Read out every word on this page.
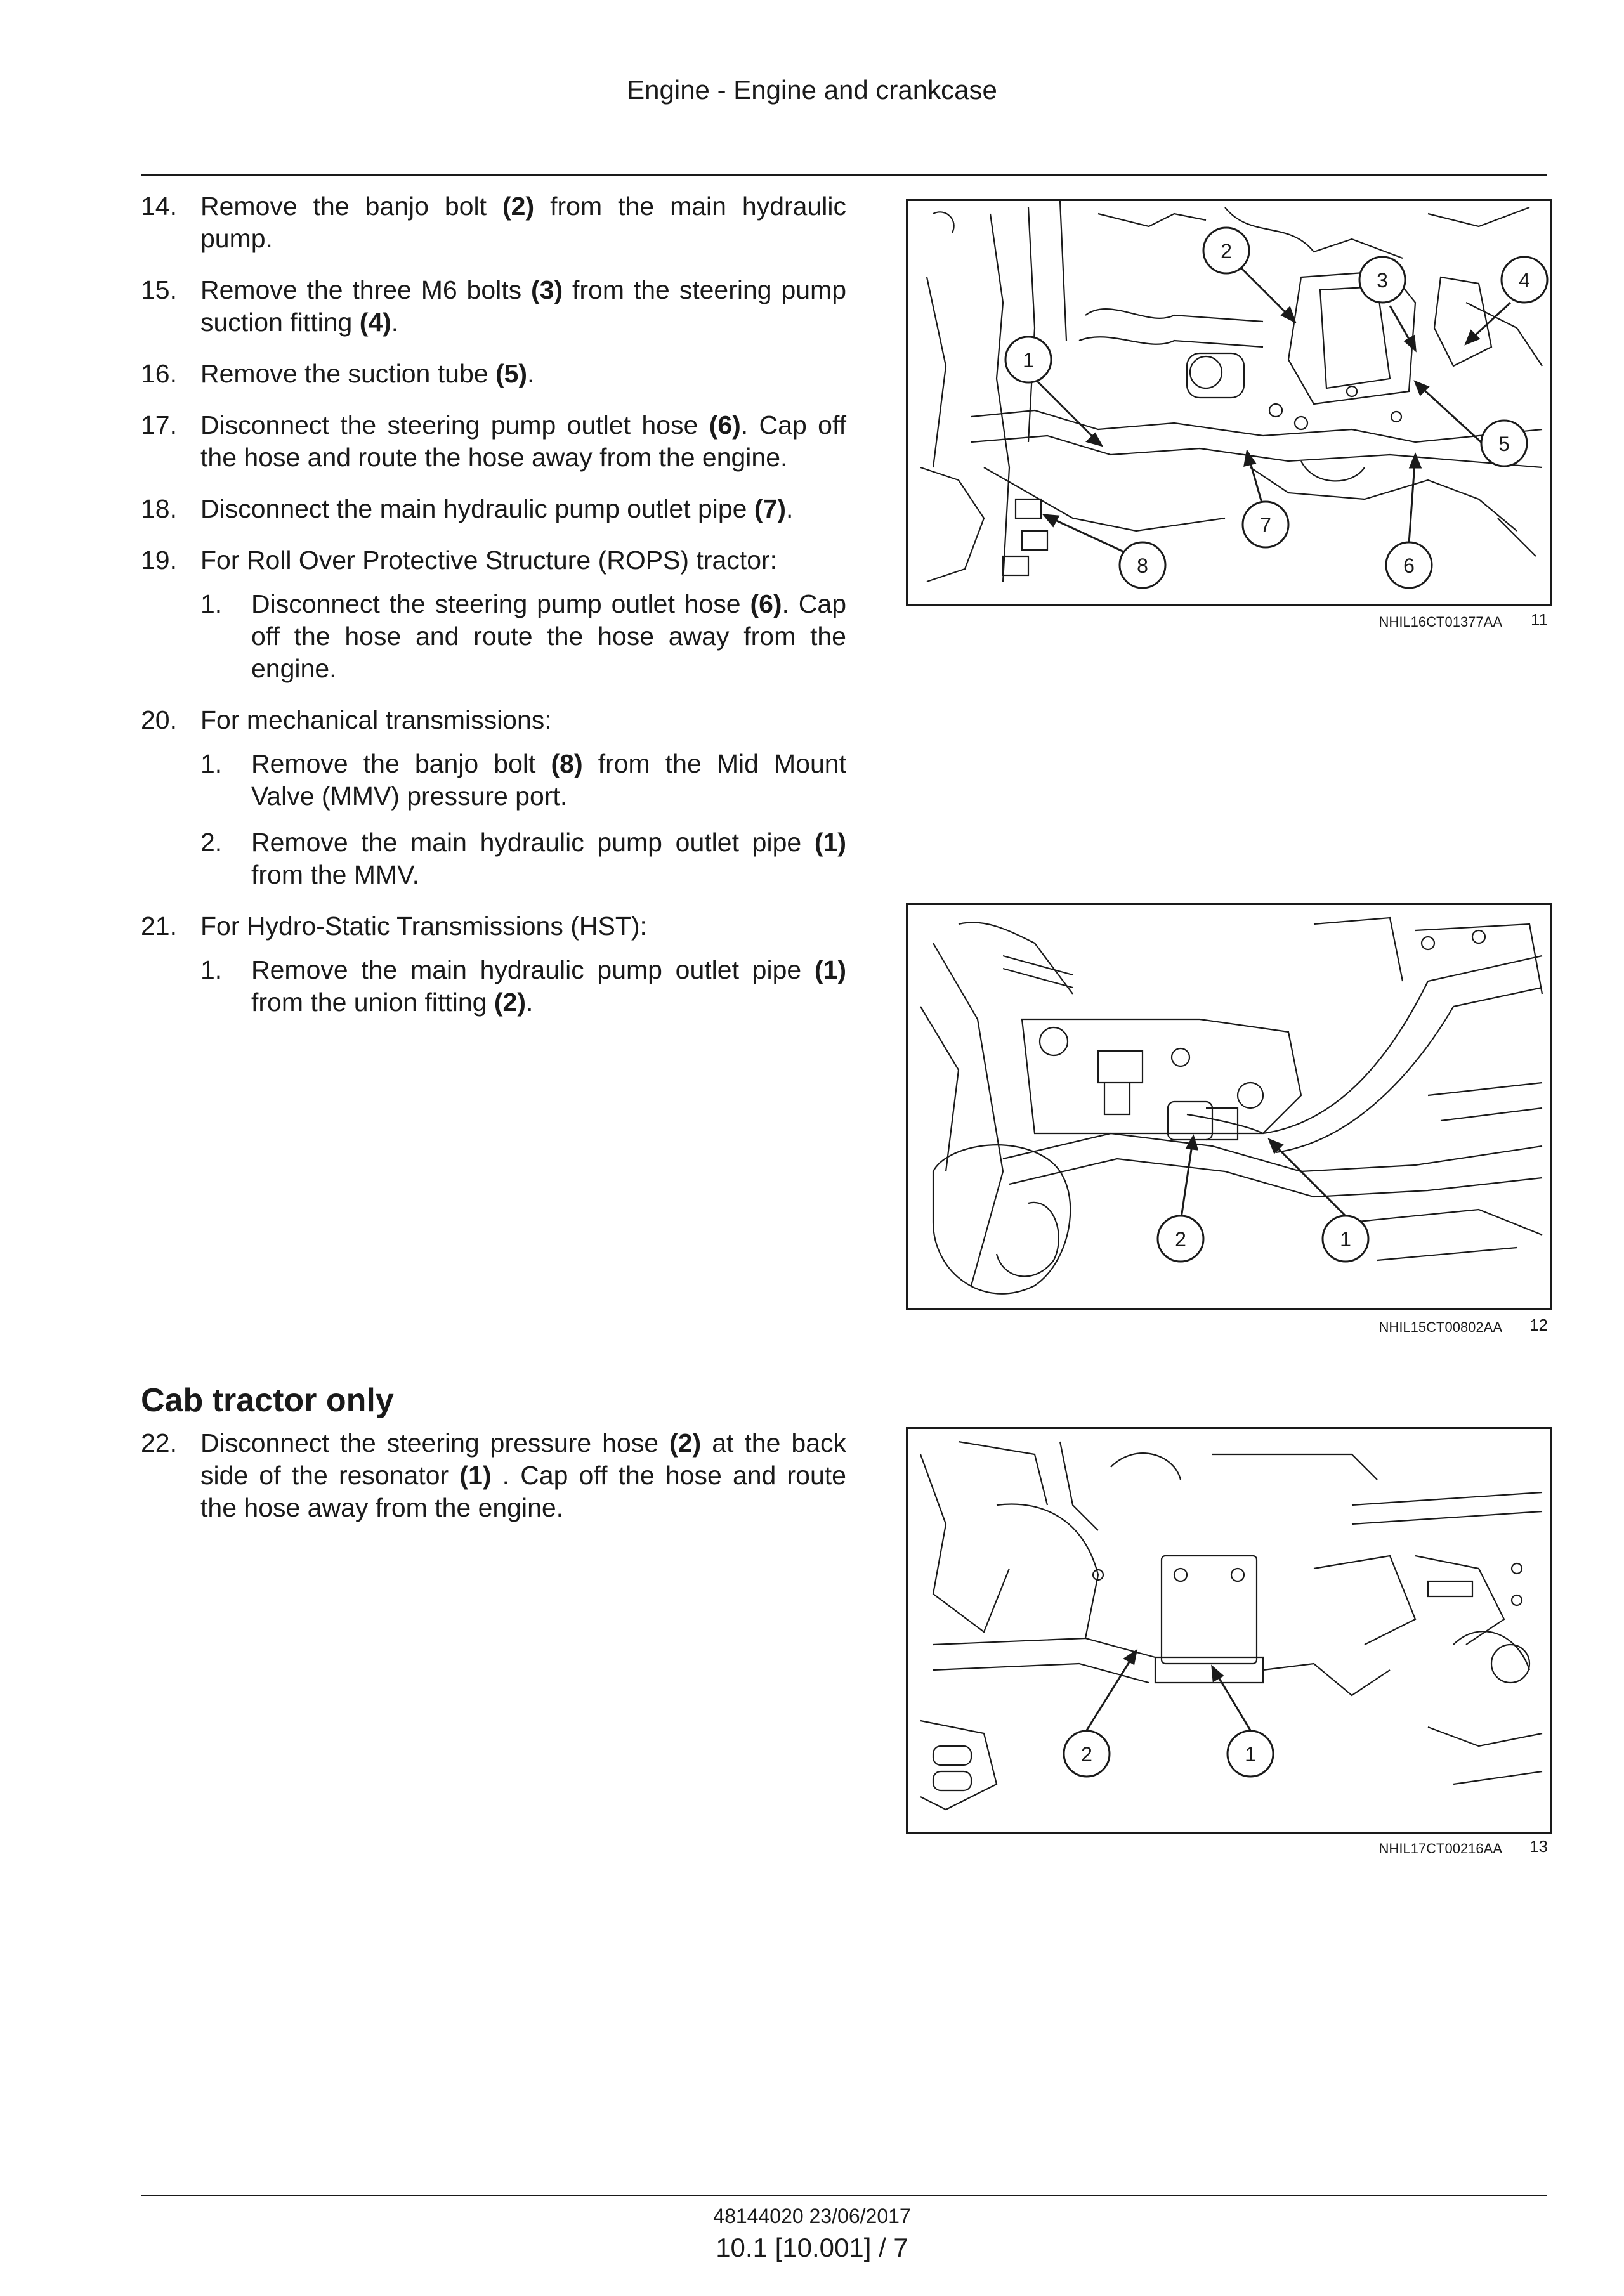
Engine - Engine and crankcase
14. Remove the banjo bolt (2) from the main hydraulic pump.
15. Remove the three M6 bolts (3) from the steering pump suction fitting (4).
16. Remove the suction tube (5).
17. Disconnect the steering pump outlet hose (6). Cap off the hose and route the hose away from the engine.
18. Disconnect the main hydraulic pump outlet pipe (7).
19. For Roll Over Protective Structure (ROPS) tractor:
1. Disconnect the steering pump outlet hose (6). Cap off the hose and route the hose away from the engine.
20. For mechanical transmissions:
1. Remove the banjo bolt (8) from the Mid Mount Valve (MMV) pressure port.
2. Remove the main hydraulic pump outlet pipe (1) from the MMV.
21. For Hydro-Static Transmissions (HST):
1. Remove the main hydraulic pump outlet pipe (1) from the union fitting (2).
Cab tractor only
22. Disconnect the steering pressure hose (2) at the back side of the resonator (1) . Cap off the hose and route the hose away from the engine.
1
2
3	4
5
6
7
8
NHIL16CT01377AA 11
2	1
NHIL15CT00802AA 12
2	1
NHIL17CT00216AA 13
48144020 23/06/2017
10.1 [10.001] / 7
